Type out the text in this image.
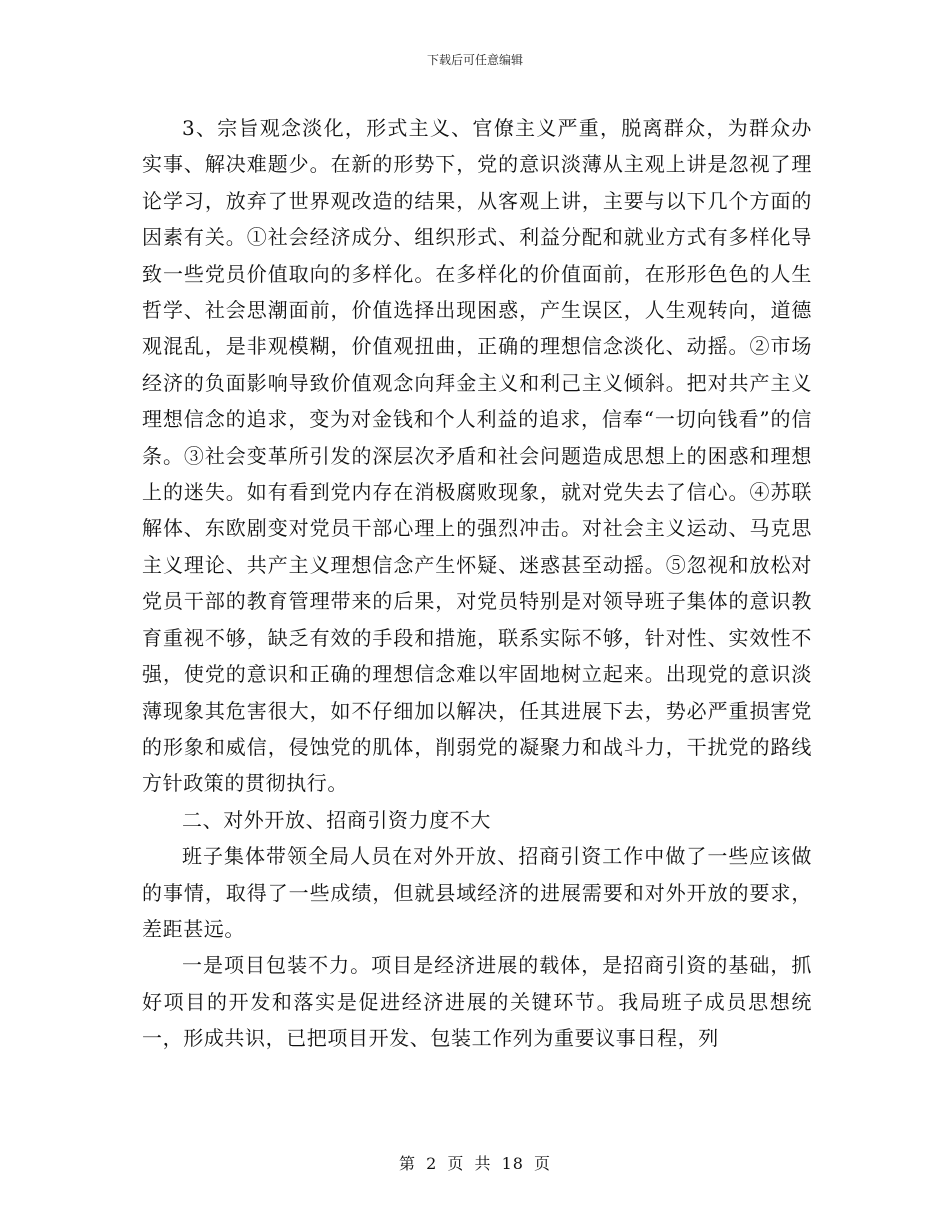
下载后可任意编辑

3、宗旨观念淡化，形式主义、官僚主义严重，脱离群众，为群众办实事、解决难题少。在新的形势下，党的意识淡薄从主观上讲是忽视了理论学习，放弃了世界观改造的结果，从客观上讲，主要与以下几个方面的因素有关。①社会经济成分、组织形式、利益分配和就业方式有多样化导致一些党员价值取向的多样化。在多样化的价值面前，在形形色色的人生哲学、社会思潮面前，价值选择出现困惑，产生误区，人生观转向，道德观混乱，是非观模糊，价值观扭曲，正确的理想信念淡化、动摇。②市场经济的负面影响导致价值观念向拜金主义和利己主义倾斜。把对共产主义理想信念的追求，变为对金钱和个人利益的追求，信奉“一切向钱看”的信条。③社会变革所引发的深层次矛盾和社会问题造成思想上的困惑和理想上的迷失。如有看到党内存在消极腐败现象，就对党失去了信心。④苏联解体、东欧剧变对党员干部心理上的强烈冲击。对社会主义运动、马克思主义理论、共产主义理想信念产生怀疑、迷惑甚至动摇。⑤忽视和放松对党员干部的教育管理带来的后果，对党员特别是对领导班子集体的意识教育重视不够，缺乏有效的手段和措施，联系实际不够，针对性、实效性不强，使党的意识和正确的理想信念难以牢固地树立起来。出现党的意识淡薄现象其危害很大，如不仔细加以解决，任其进展下去，势必严重损害党的形象和威信，侵蚀党的肌体，削弱党的凝聚力和战斗力，干扰党的路线方针政策的贯彻执行。

二、对外开放、招商引资力度不大

班子集体带领全局人员在对外开放、招商引资工作中做了一些应该做的事情，取得了一些成绩，但就县域经济的进展需要和对外开放的要求，差距甚远。

一是项目包装不力。项目是经济进展的载体，是招商引资的基础，抓好项目的开发和落实是促进经济进展的关键环节。我局班子成员思想统一，形成共识，已把项目开发、包装工作列为重要议事日程，列

第 2 页 共 18 页
